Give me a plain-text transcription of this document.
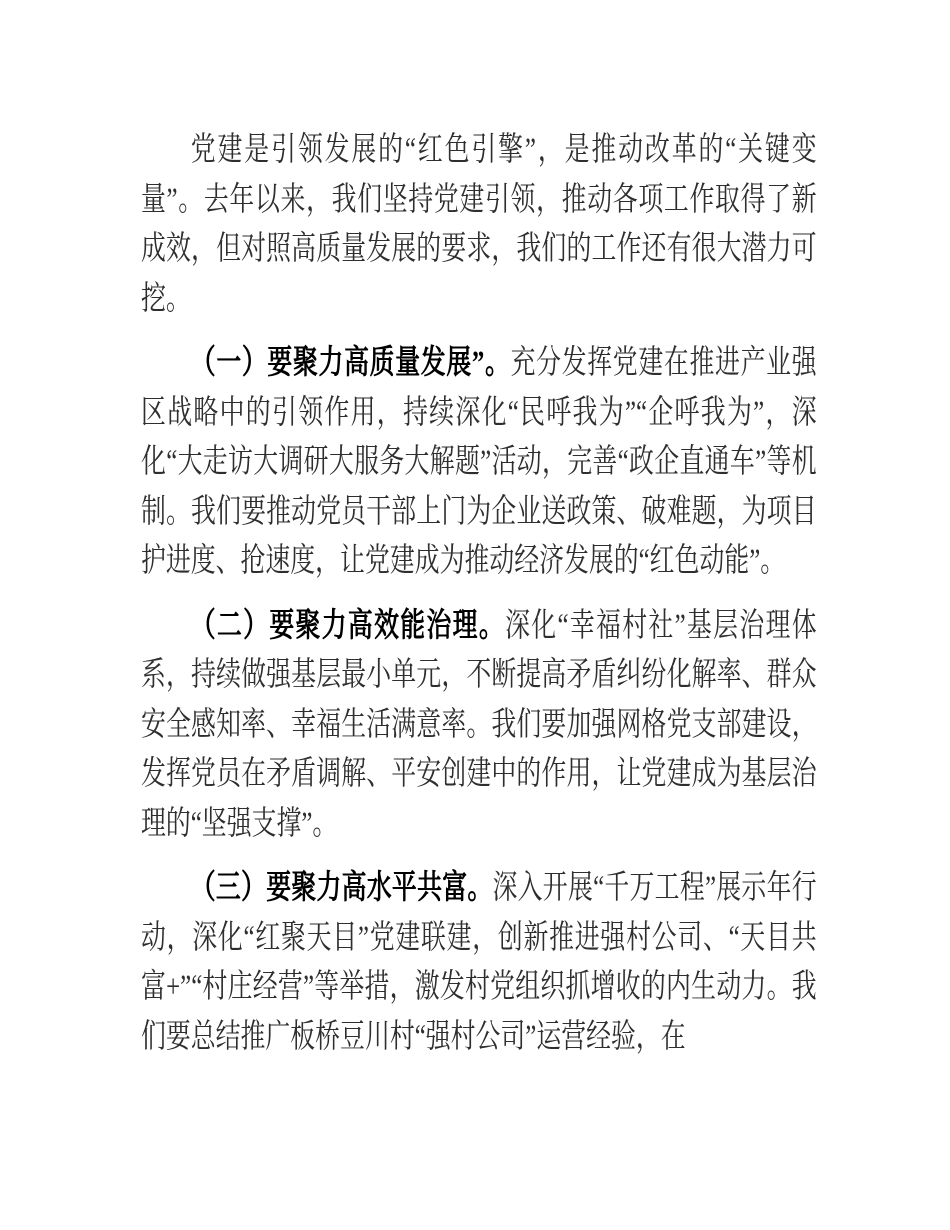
党建是引领发展的“红色引擎”，是推动改革的“关键变量”。去年以来，我们坚持党建引领，推动各项工作取得了新成效，但对照高质量发展的要求，我们的工作还有很大潜力可挖。

（一）要聚力高质量发展”。充分发挥党建在推进产业强区战略中的引领作用，持续深化“民呼我为”“企呼我为”，深化“大走访大调研大服务大解题”活动，完善“政企直通车”等机制。我们要推动党员干部上门为企业送政策、破难题，为项目护进度、抢速度，让党建成为推动经济发展的“红色动能”。

（二）要聚力高效能治理。深化“幸福村社”基层治理体系，持续做强基层最小单元，不断提高矛盾纠纷化解率、群众安全感知率、幸福生活满意率。我们要加强网格党支部建设，发挥党员在矛盾调解、平安创建中的作用，让党建成为基层治理的“坚强支撑”。

（三）要聚力高水平共富。深入开展“千万工程”展示年行动，深化“红聚天目”党建联建，创新推进强村公司、“天目共富+”“村庄经营”等举措，激发村党组织抓增收的内生动力。我们要总结推广板桥豆川村“强村公司”运营经验，在
